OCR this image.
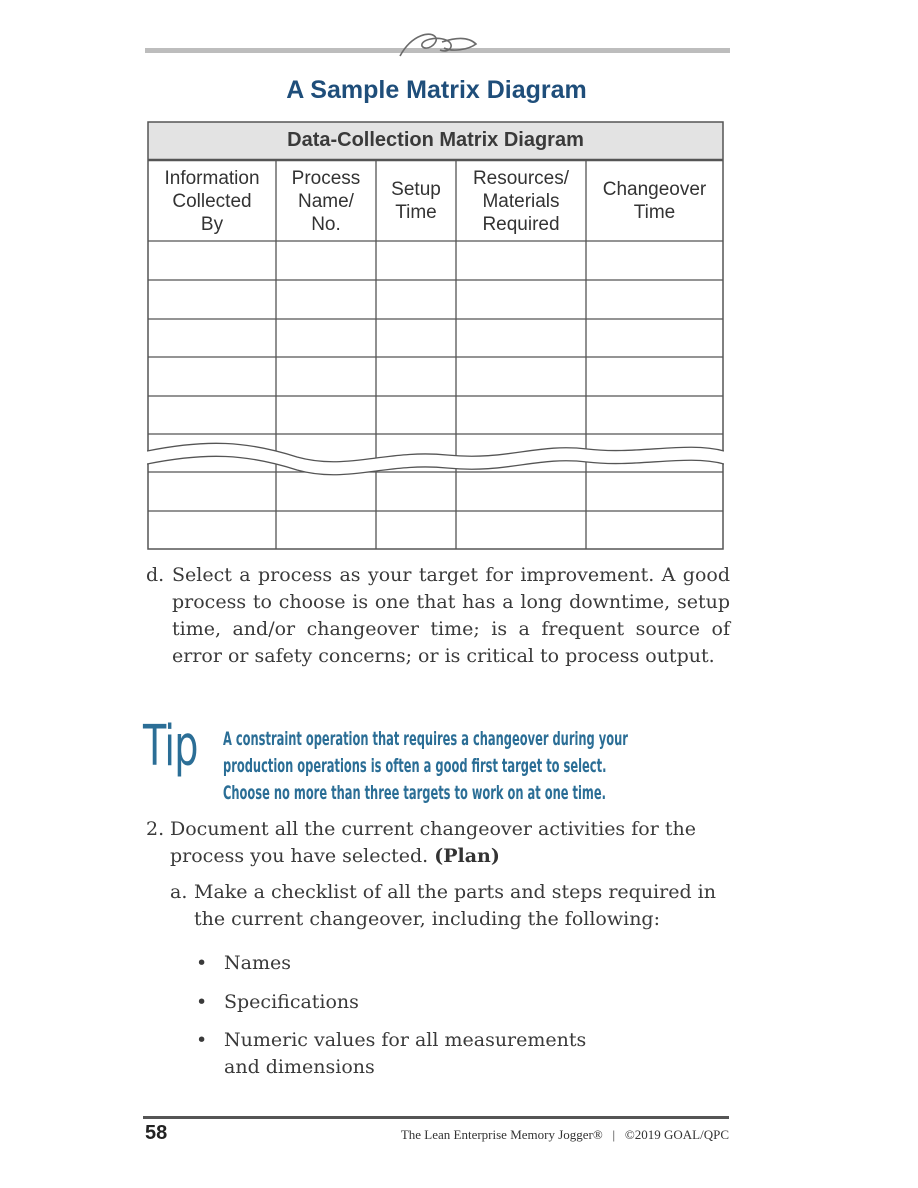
A Sample Matrix Diagram
Data-Collection Matrix Diagram
Information
Collected
By
Process
Name/
No.
Setup
Time
Resources/
Materials
Required
Changeover
Time
d. Select a process as your target for improvement. A good process to choose is one that has a long downtime, setup time, and/or changeover time; is a frequent source of error or safety concerns; or is critical to process output.
Tip A constraint operation that requires a changeover during your
production operations is often a good first target to select.
Choose no more than three targets to work on at one time.
2. Document all the current changeover activities for the process you have selected. (Plan)
a. Make a checklist of all the parts and steps required in the current changeover, including the following:
• Names
• Specifications
• Numeric values for all measurements and dimensions
58	The Lean Enterprise Memory Jogger® | ©2019 GOAL/QPC
